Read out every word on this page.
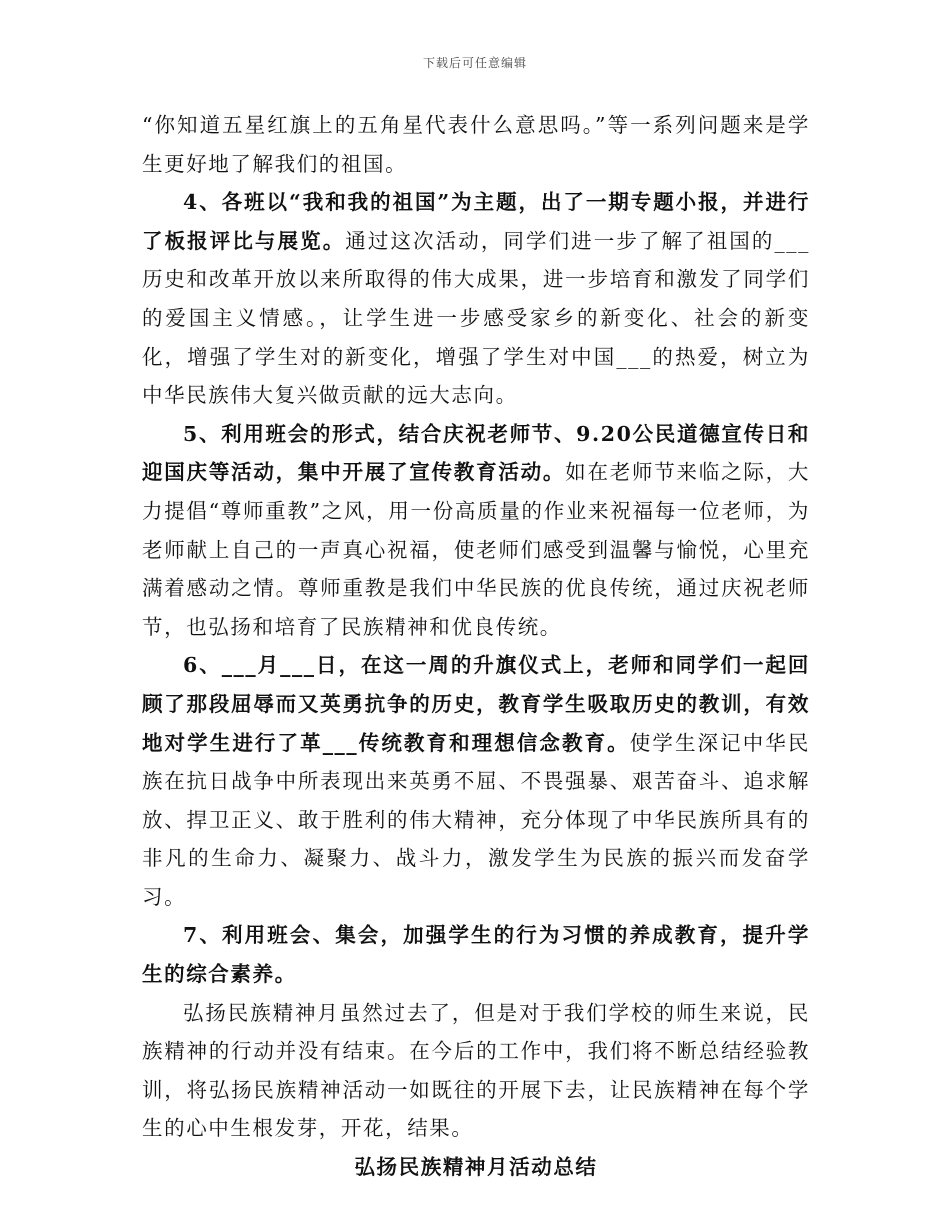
下载后可任意编辑

“你知道五星红旗上的五角星代表什么意思吗。”等一系列问题来是学生更好地了解我们的祖国。

4、各班以“我和我的祖国”为主题，出了一期专题小报，并进行了板报评比与展览。通过这次活动，同学们进一步了解了祖国的___历史和改革开放以来所取得的伟大成果，进一步培育和激发了同学们的爱国主义情感。，让学生进一步感受家乡的新变化、社会的新变化，增强了学生对的新变化，增强了学生对中国___的热爱，树立为中华民族伟大复兴做贡献的远大志向。

5、利用班会的形式，结合庆祝老师节、9.20公民道德宣传日和迎国庆等活动，集中开展了宣传教育活动。如在老师节来临之际，大力提倡“尊师重教”之风，用一份高质量的作业来祝福每一位老师，为老师献上自己的一声真心祝福，使老师们感受到温馨与愉悦，心里充满着感动之情。尊师重教是我们中华民族的优良传统，通过庆祝老师节，也弘扬和培育了民族精神和优良传统。

6、___月___日，在这一周的升旗仪式上，老师和同学们一起回顾了那段屈辱而又英勇抗争的历史，教育学生吸取历史的教训，有效地对学生进行了革___传统教育和理想信念教育。使学生深记中华民族在抗日战争中所表现出来英勇不屈、不畏强暴、艰苦奋斗、追求解放、捍卫正义、敢于胜利的伟大精神，充分体现了中华民族所具有的非凡的生命力、凝聚力、战斗力，激发学生为民族的振兴而发奋学习。

7、利用班会、集会，加强学生的行为习惯的养成教育，提升学生的综合素养。

弘扬民族精神月虽然过去了，但是对于我们学校的师生来说，民族精神的行动并没有结束。在今后的工作中，我们将不断总结经验教训，将弘扬民族精神活动一如既往的开展下去，让民族精神在每个学生的心中生根发芽，开花，结果。

弘扬民族精神月活动总结
